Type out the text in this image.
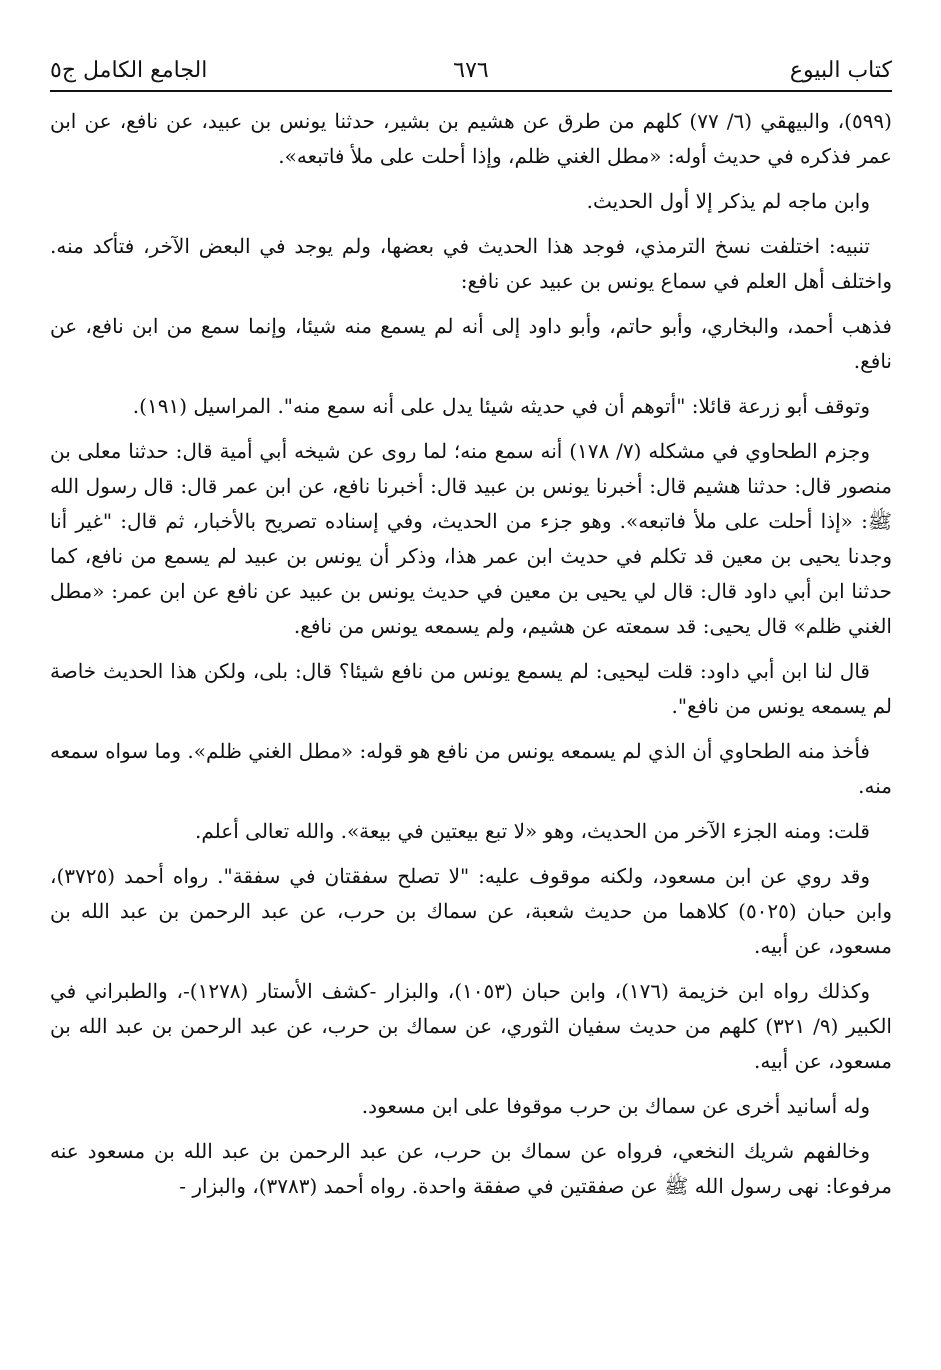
كتاب البيوع
٦٧٦
الجامع الكامل ج٥

(٥٩٩)، والبيهقي (٦/ ٧٧) كلهم من طرق عن هشيم بن بشير، حدثنا يونس بن عبيد، عن نافع، عن ابن عمر فذكره في حديث أوله: «مطل الغني ظلم، وإذا أحلت على ملأ فاتبعه».

وابن ماجه لم يذكر إلا أول الحديث.

تنبيه: اختلفت نسخ الترمذي، فوجد هذا الحديث في بعضها، ولم يوجد في البعض الآخر، فتأكد منه. واختلف أهل العلم في سماع يونس بن عبيد عن نافع:

فذهب أحمد، والبخاري، وأبو حاتم، وأبو داود إلى أنه لم يسمع منه شيئا، وإنما سمع من ابن نافع، عن نافع.

وتوقف أبو زرعة قائلا: "أتوهم أن في حديثه شيئا يدل على أنه سمع منه". المراسيل (١٩١).

وجزم الطحاوي في مشكله (٧/ ١٧٨) أنه سمع منه؛ لما روى عن شيخه أبي أمية قال: حدثنا معلى بن منصور قال: حدثنا هشيم قال: أخبرنا يونس بن عبيد قال: أخبرنا نافع، عن ابن عمر قال: قال رسول الله ﷺ: «إذا أحلت على ملأ فاتبعه». وهو جزء من الحديث، وفي إسناده تصريح بالأخبار، ثم قال: "غير أنا وجدنا يحيى بن معين قد تكلم في حديث ابن عمر هذا، وذكر أن يونس بن عبيد لم يسمع من نافع، كما حدثنا ابن أبي داود قال: قال لي يحيى بن معين في حديث يونس بن عبيد عن نافع عن ابن عمر: «مطل الغني ظلم» قال يحيى: قد سمعته عن هشيم، ولم يسمعه يونس من نافع.

قال لنا ابن أبي داود: قلت ليحيى: لم يسمع يونس من نافع شيئا؟ قال: بلى، ولكن هذا الحديث خاصة لم يسمعه يونس من نافع".

فأخذ منه الطحاوي أن الذي لم يسمعه يونس من نافع هو قوله: «مطل الغني ظلم». وما سواه سمعه منه.

قلت: ومنه الجزء الآخر من الحديث، وهو «لا تبع بيعتين في بيعة». والله تعالى أعلم.

وقد روي عن ابن مسعود، ولكنه موقوف عليه: "لا تصلح سفقتان في سفقة". رواه أحمد (٣٧٢٥)، وابن حبان (٥٠٢٥) كلاهما من حديث شعبة، عن سماك بن حرب، عن عبد الرحمن بن عبد الله بن مسعود، عن أبيه.

وكذلك رواه ابن خزيمة (١٧٦)، وابن حبان (١٠٥٣)، والبزار -كشف الأستار (١٢٧٨)-، والطبراني في الكبير (٩/ ٣٢١) كلهم من حديث سفيان الثوري، عن سماك بن حرب، عن عبد الرحمن بن عبد الله بن مسعود، عن أبيه.

وله أسانيد أخرى عن سماك بن حرب موقوفا على ابن مسعود.

وخالفهم شريك النخعي، فرواه عن سماك بن حرب، عن عبد الرحمن بن عبد الله بن مسعود عنه مرفوعا: نهى رسول الله ﷺ عن صفقتين في صفقة واحدة. رواه أحمد (٣٧٨٣)، والبزار -
